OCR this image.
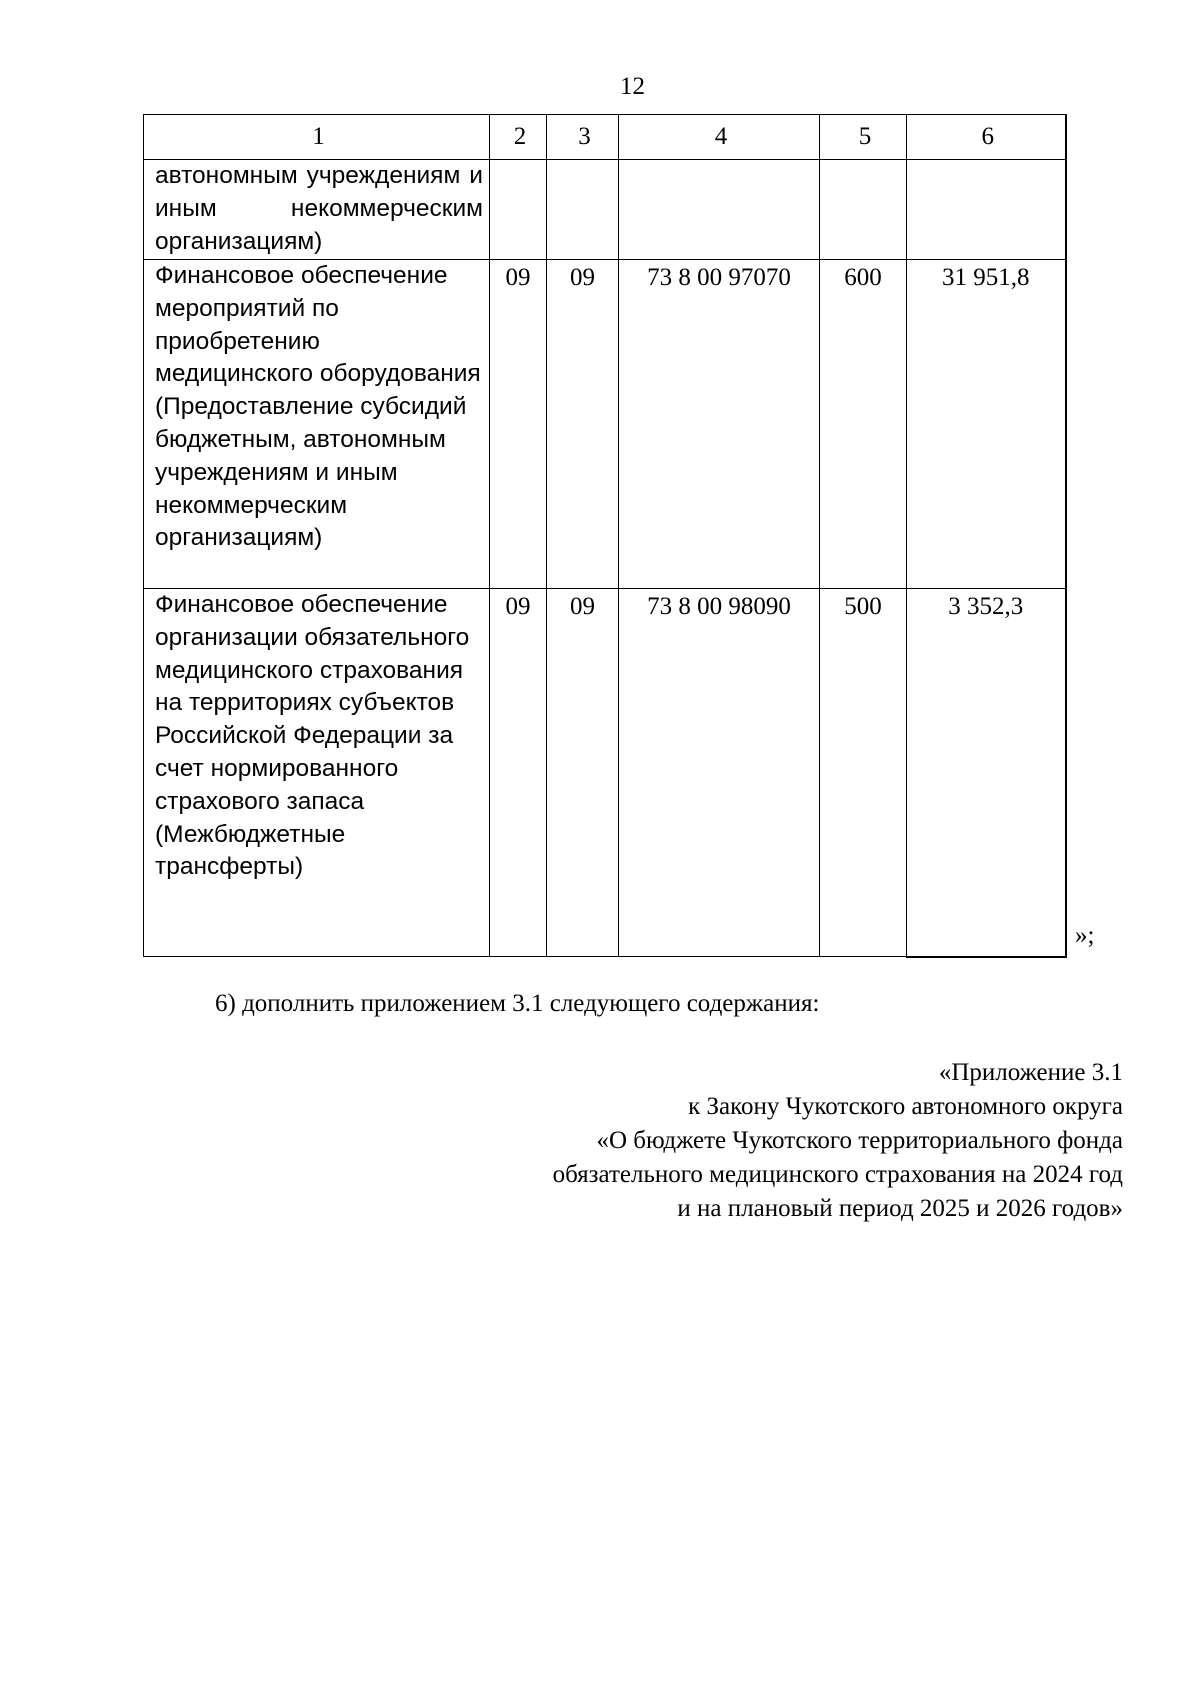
12
1	2	3	4	5	6
автономным учреждениям и иным некоммерческим организациям)					
Финансовое обеспечение мероприятий по приобретению медицинского оборудования (Предоставление субсидий бюджетным, автономным учреждениям и иным некоммерческим организациям)	09	09	73 8 00 97070	600	31 951,8
Финансовое обеспечение организации обязательного медицинского страхования на территориях субъектов Российской Федерации за счет нормированного страхового запаса (Межбюджетные трансферты)	09	09	73 8 00 98090	500	3 352,3
»;
6) дополнить приложением 3.1 следующего содержания:
«Приложение 3.1
к Закону Чукотского автономного округа
«О бюджете Чукотского территориального фонда
обязательного медицинского страхования на 2024 год
и на плановый период 2025 и 2026 годов»
